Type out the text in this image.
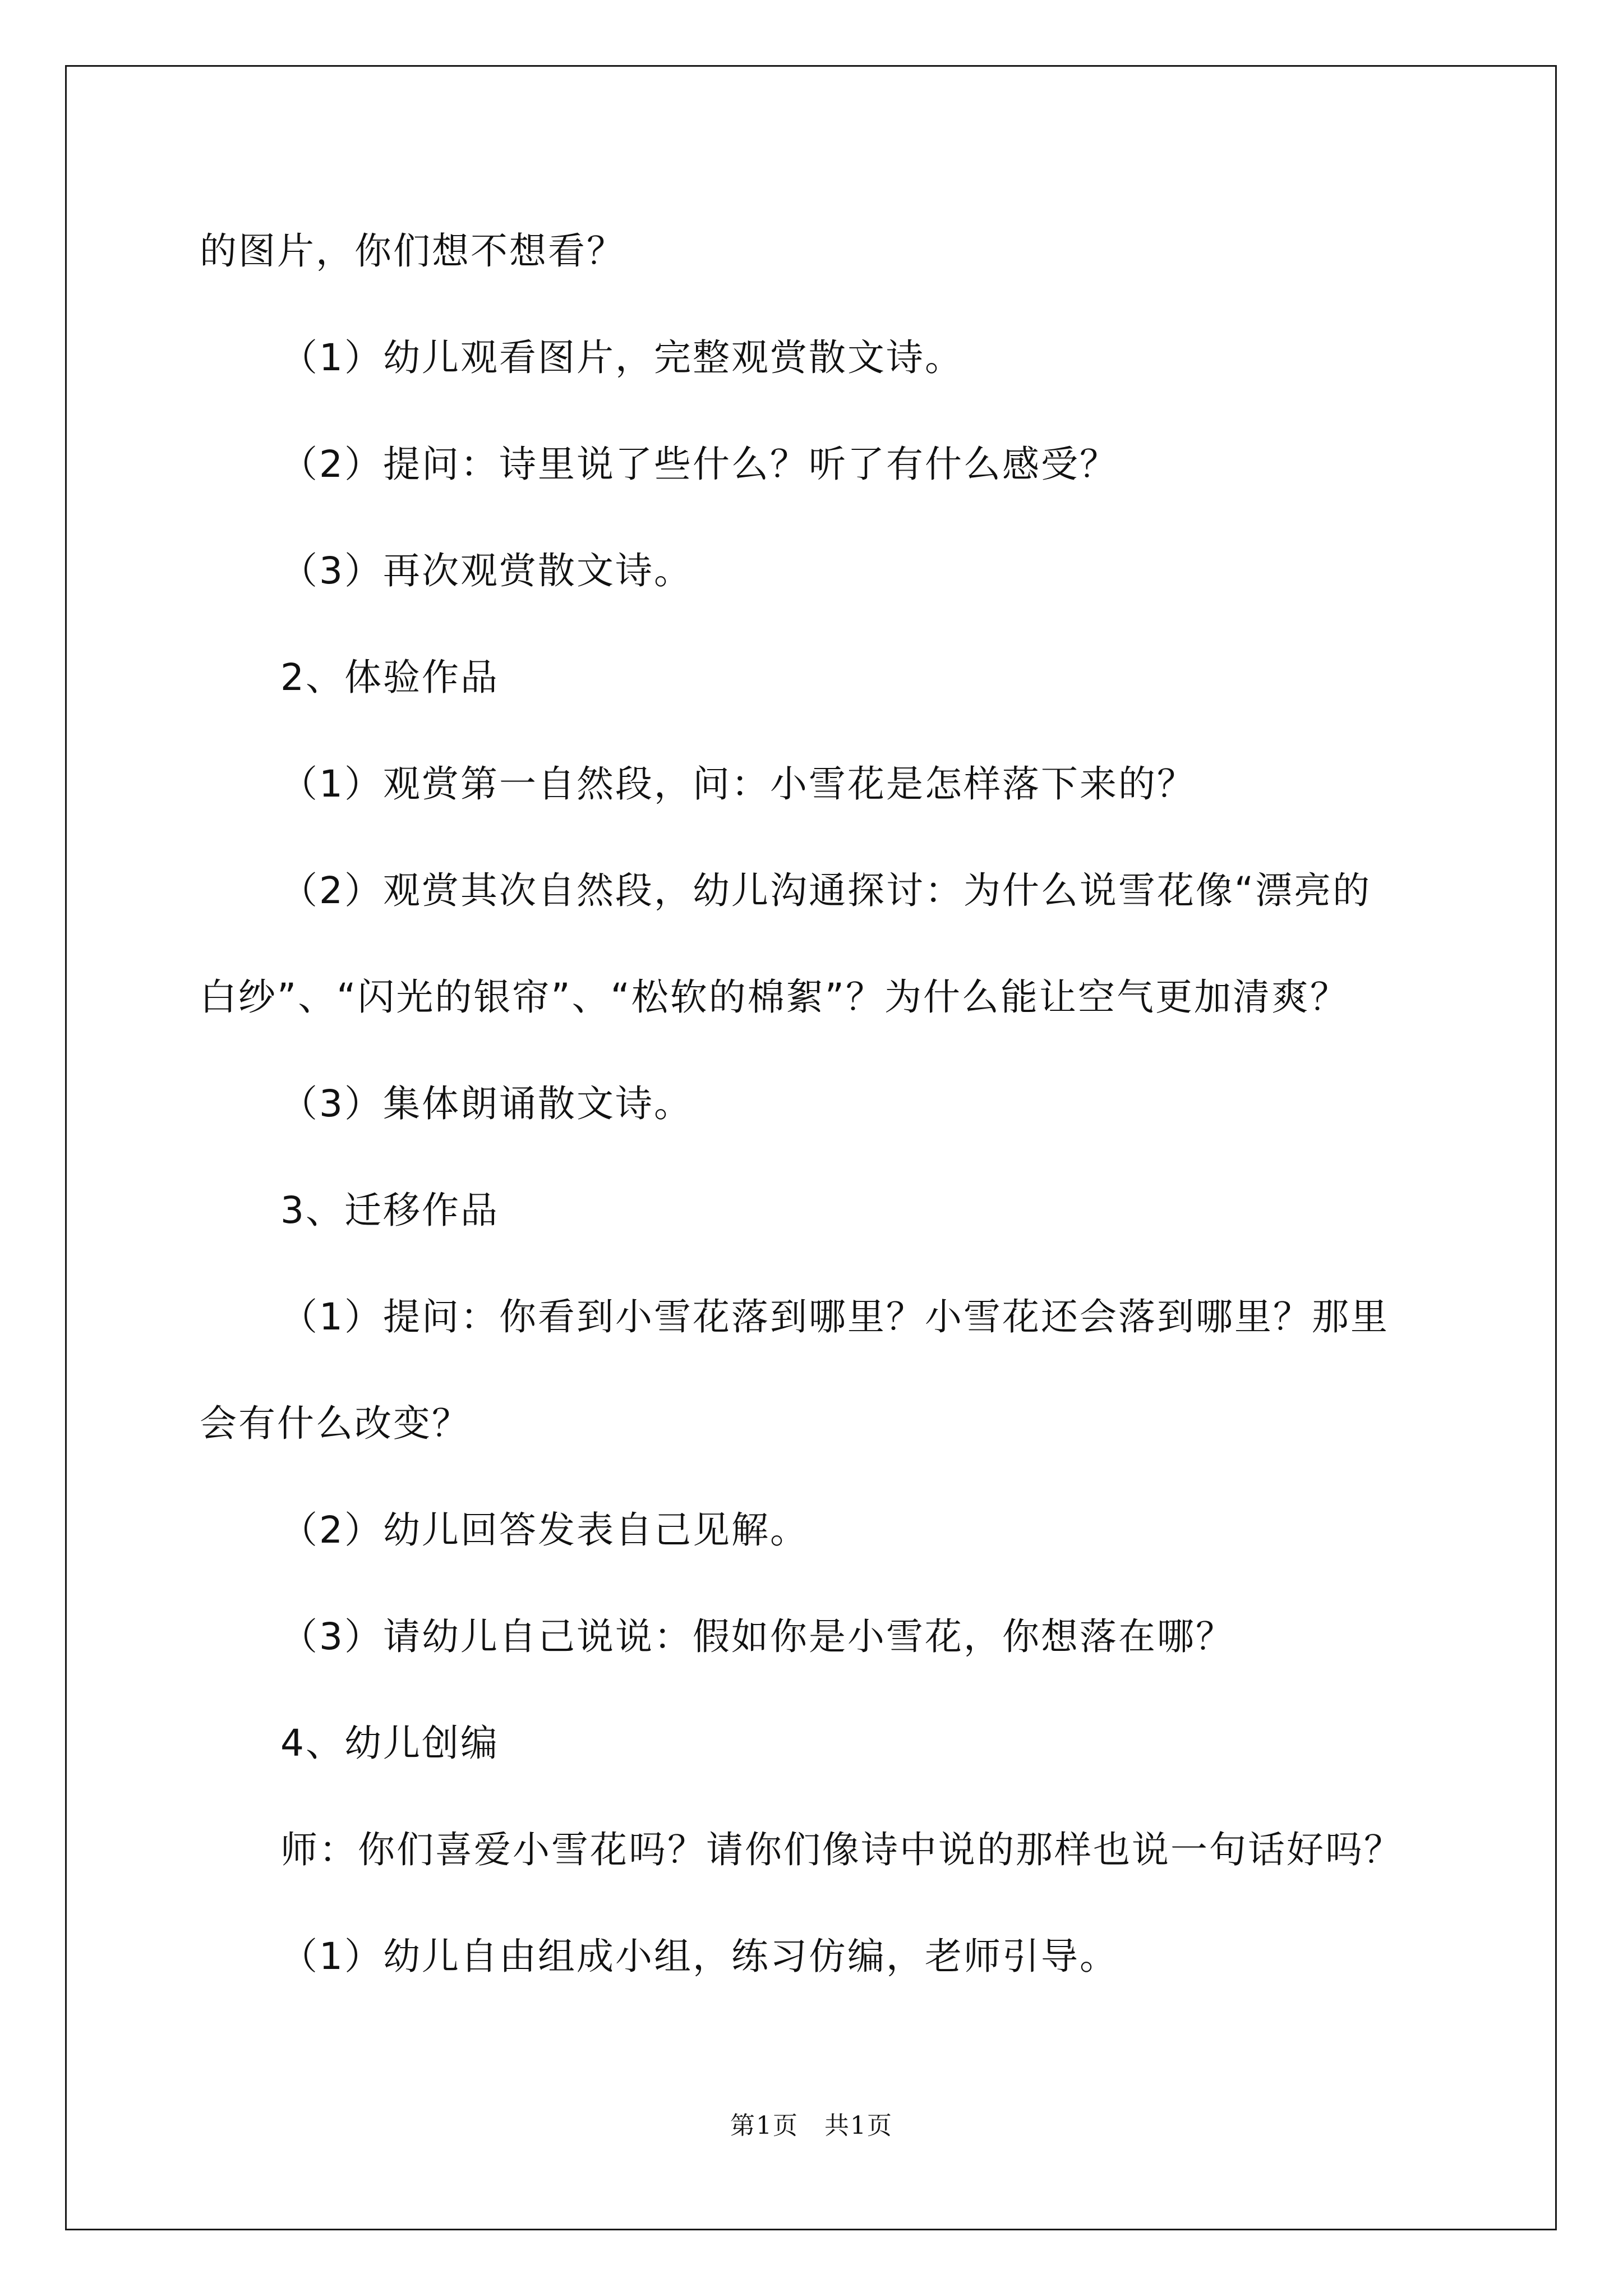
的图片，你们想不想看？
（1）幼儿观看图片，完整观赏散文诗。
（2）提问：诗里说了些什么？听了有什么感受？
（3）再次观赏散文诗。
2、体验作品
（1）观赏第一自然段，问：小雪花是怎样落下来的？
（2）观赏其次自然段，幼儿沟通探讨：为什么说雪花像“漂亮的
白纱”、“闪光的银帘”、“松软的棉絮”？为什么能让空气更加清爽？
（3）集体朗诵散文诗。
3、迁移作品
（1）提问：你看到小雪花落到哪里？小雪花还会落到哪里？那里
会有什么改变？
（2）幼儿回答发表自己见解。
（3）请幼儿自己说说：假如你是小雪花，你想落在哪？
4、幼儿创编
师：你们喜爱小雪花吗？请你们像诗中说的那样也说一句话好吗？
（1）幼儿自由组成小组，练习仿编，老师引导。
第1页　共1页
